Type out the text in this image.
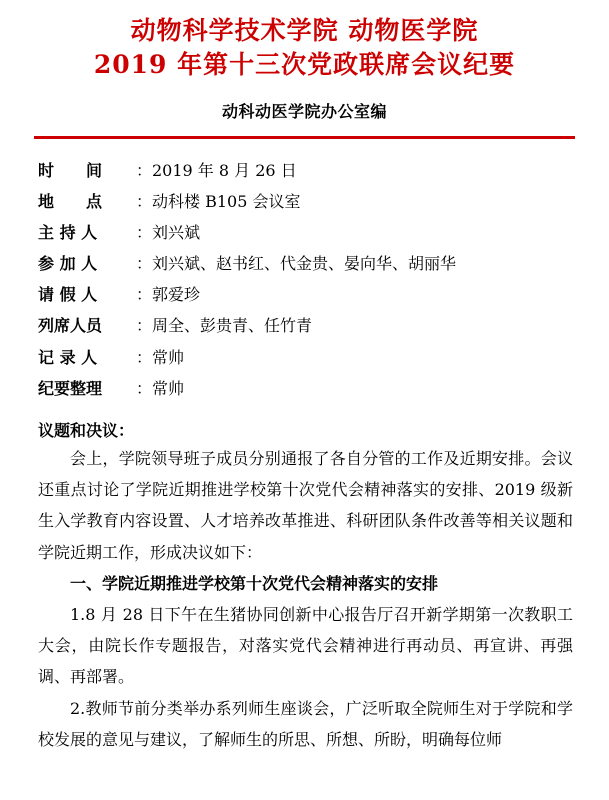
动物科学技术学院 动物医学院
2019 年第十三次党政联席会议纪要
动科动医学院办公室编
时　　间	：2019 年 8 月 26 日
地　　点	：动科楼 B105 会议室
主 持 人	：刘兴斌
参 加 人	：刘兴斌、赵书红、代金贵、晏向华、胡丽华
请 假 人	：郭爱珍
列席人员	：周全、彭贵青、任竹青
记 录 人	：常帅
纪要整理	：常帅
议题和决议：
会上，学院领导班子成员分别通报了各自分管的工作及近期安排。会议还重点讨论了学院近期推进学校第十次党代会精神落实的安排、2019 级新生入学教育内容设置、人才培养改革推进、科研团队条件改善等相关议题和学院近期工作，形成决议如下：
一、学院近期推进学校第十次党代会精神落实的安排
1.8 月 28 日下午在生猪协同创新中心报告厅召开新学期第一次教职工大会，由院长作专题报告，对落实党代会精神进行再动员、再宣讲、再强调、再部署。
2.教师节前分类举办系列师生座谈会，广泛听取全院师生对于学院和学校发展的意见与建议，了解师生的所思、所想、所盼，明确每位师
